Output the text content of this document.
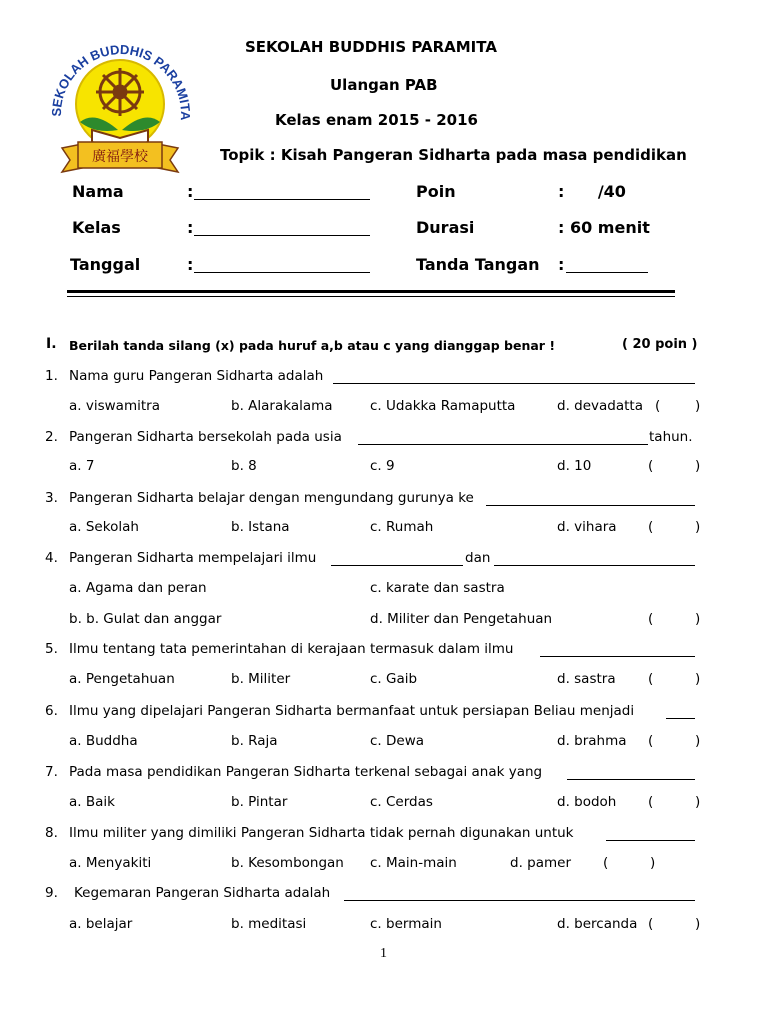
SEKOLAH BUDDHIS PARAMITA
廣福學校
SEKOLAH BUDDHIS PARAMITA
Ulangan PAB
Kelas enam 2015 - 2016
Topik : Kisah Pangeran Sidharta pada masa pendidikan
Nama	:
Kelas	:
Tanggal	:
Poin	:      /40
Durasi	: 60 menit
Tanda Tangan :
I. Berilah tanda silang (x) pada huruf a,b atau c yang dianggap benar !	( 20 poin )
1. Nama guru Pangeran Sidharta adalah
a. viswamitra	b. Alarakalama	c. Udakka Ramaputta	d. devadatta (	)
2. Pangeran Sidharta bersekolah pada usia	tahun.
a. 7	b. 8	c. 9	d. 10	(	)
3. Pangeran Sidharta belajar dengan mengundang gurunya ke
a. Sekolah	b. Istana	c. Rumah	d. vihara (	)
4. Pangeran Sidharta mempelajari ilmu	dan
a. Agama dan peran	c. karate dan sastra
b. b. Gulat dan anggar	d. Militer dan Pengetahuan	(	)
5. Ilmu tentang tata pemerintahan di kerajaan termasuk dalam ilmu
a. Pengetahuan	b. Militer	c. Gaib	d. sastra (	)
6. Ilmu yang dipelajari Pangeran Sidharta bermanfaat untuk persiapan Beliau menjadi
a. Buddha	b. Raja	c. Dewa	d. brahma (	)
7. Pada masa pendidikan Pangeran Sidharta terkenal sebagai anak yang
a. Baik	b. Pintar	c. Cerdas	d. bodoh (	)
8. Ilmu militer yang dimiliki Pangeran Sidharta tidak pernah digunakan untuk
a. Menyakiti	b. Kesombongan c. Main-main	d. pamer (	)
9. Kegemaran Pangeran Sidharta adalah
a. belajar	b. meditasi	c. bermain	d. bercanda (	)
1
